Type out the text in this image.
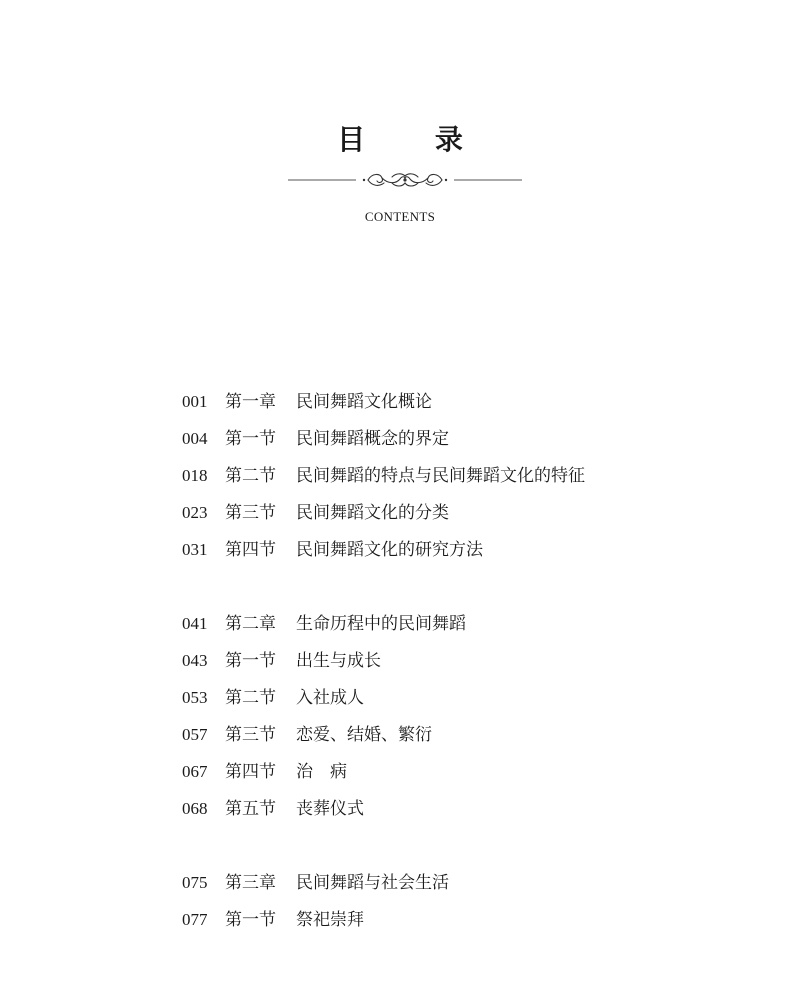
目 录
CONTENTS
001	第一章	民间舞蹈文化概论
004	第一节	民间舞蹈概念的界定
018	第二节	民间舞蹈的特点与民间舞蹈文化的特征
023	第三节	民间舞蹈文化的分类
031	第四节	民间舞蹈文化的研究方法
041	第二章	生命历程中的民间舞蹈
043	第一节	出生与成长
053	第二节	入社成人
057	第三节	恋爱、结婚、繁衍
067	第四节	治　病
068	第五节	丧葬仪式
075	第三章	民间舞蹈与社会生活
077	第一节	祭祀崇拜
